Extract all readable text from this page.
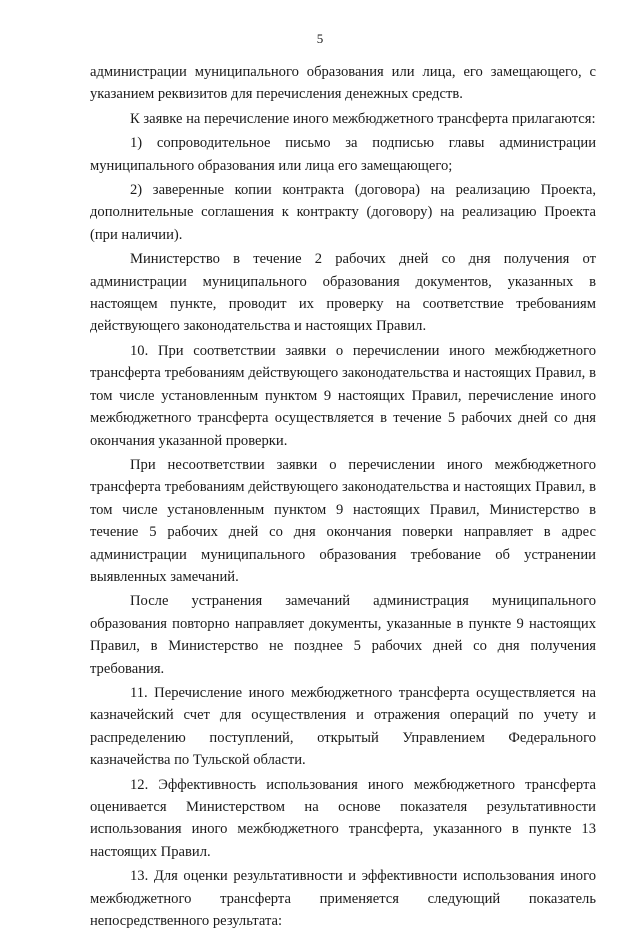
5

администрации муниципального образования или лица, его замещающего, с указанием реквизитов для перечисления денежных средств.

К заявке на перечисление иного межбюджетного трансферта прилагаются:

1) сопроводительное письмо за подписью главы администрации муниципального образования или лица его замещающего;

2) заверенные копии контракта (договора) на реализацию Проекта, дополнительные соглашения к контракту (договору) на реализацию Проекта (при наличии).

Министерство в течение 2 рабочих дней со дня получения от администрации муниципального образования документов, указанных в настоящем пункте, проводит их проверку на соответствие требованиям действующего законодательства и настоящих Правил.

10. При соответствии заявки о перечислении иного межбюджетного трансферта требованиям действующего законодательства и настоящих Правил, в том числе установленным пунктом 9 настоящих Правил, перечисление иного межбюджетного трансферта осуществляется в течение 5 рабочих дней со дня окончания указанной проверки.

При несоответствии заявки о перечислении иного межбюджетного трансферта требованиям действующего законодательства и настоящих Правил, в том числе установленным пунктом 9 настоящих Правил, Министерство в течение 5 рабочих дней со дня окончания поверки направляет в адрес администрации муниципального образования требование об устранении выявленных замечаний.

После устранения замечаний администрация муниципального образования повторно направляет документы, указанные в пункте 9 настоящих Правил, в Министерство не позднее 5 рабочих дней со дня получения требования.

11. Перечисление иного межбюджетного трансферта осуществляется на казначейский счет для осуществления и отражения операций по учету и распределению поступлений, открытый Управлением Федерального казначейства по Тульской области.

12. Эффективность использования иного межбюджетного трансферта оценивается Министерством на основе показателя результативности использования иного межбюджетного трансферта, указанного в пункте 13 настоящих Правил.

13. Для оценки результативности и эффективности использования иного межбюджетного трансферта применяется следующий показатель непосредственного результата:
